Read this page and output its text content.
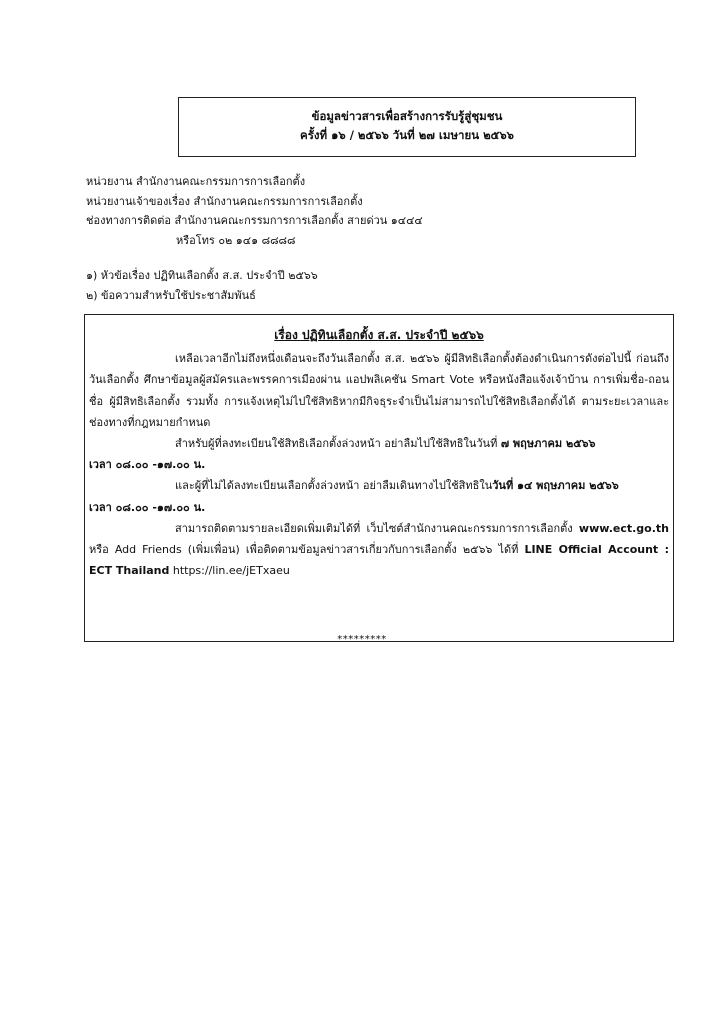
ข้อมูลข่าวสารเพื่อสร้างการรับรู้สู่ชุมชน
ครั้งที่ ๑๖ / ๒๕๖๖ วันที่ ๒๗ เมษายน ๒๕๖๖
หน่วยงาน สำนักงานคณะกรรมการการเลือกตั้ง
หน่วยงานเจ้าของเรื่อง สำนักงานคณะกรรมการการเลือกตั้ง
ช่องทางการติดต่อ สำนักงานคณะกรรมการการเลือกตั้ง สายด่วน ๑๔๔๔
หรือโทร ๐๒ ๑๔๑ ๘๘๘๘
๑) หัวข้อเรื่อง ปฏิทินเลือกตั้ง ส.ส. ประจำปี ๒๕๖๖
๒) ข้อความสำหรับใช้ประชาสัมพันธ์
เรื่อง ปฏิทินเลือกตั้ง ส.ส. ประจำปี ๒๕๖๖
เหลือเวลาอีกไม่ถึงหนึ่งเดือนจะถึงวันเลือกตั้ง ส.ส. ๒๕๖๖ ผู้มีสิทธิเลือกตั้งต้องดำเนินการดังต่อไปนี้ ก่อนถึงวันเลือกตั้ง ศึกษาข้อมูลผู้สมัครและพรรคการเมืองผ่าน แอปพลิเคชัน Smart Vote หรือหนังสือแจ้งเจ้าบ้าน การเพิ่มชื่อ-ถอนชื่อ ผู้มีสิทธิเลือกตั้ง รวมทั้ง การแจ้งเหตุไม่ไปใช้สิทธิหากมีกิจธุระจำเป็นไม่สามารถไปใช้สิทธิเลือกตั้งได้ ตามระยะเวลาและช่องทางที่กฎหมายกำหนด
สำหรับผู้ที่ลงทะเบียนใช้สิทธิเลือกตั้งล่วงหน้า อย่าลืมไปใช้สิทธิในวันที่ ๗ พฤษภาคม ๒๕๖๖
เวลา ๐๘.๐๐ -๑๗.๐๐ น.
และผู้ที่ไม่ได้ลงทะเบียนเลือกตั้งล่วงหน้า อย่าลืมเดินทางไปใช้สิทธิในวันที่ ๑๔ พฤษภาคม ๒๕๖๖
เวลา ๐๘.๐๐ -๑๗.๐๐ น.
สามารถติดตามรายละเอียดเพิ่มเติมได้ที่ เว็บไซต์สำนักงานคณะกรรมการการเลือกตั้ง www.ect.go.th หรือ Add Friends (เพิ่มเพื่อน) เพื่อติดตามข้อมูลข่าวสารเกี่ยวกับการเลือกตั้ง ๒๕๖๖ ได้ที่ LINE Official Account : ECT Thailand https://lin.ee/jETxaeu
*********
